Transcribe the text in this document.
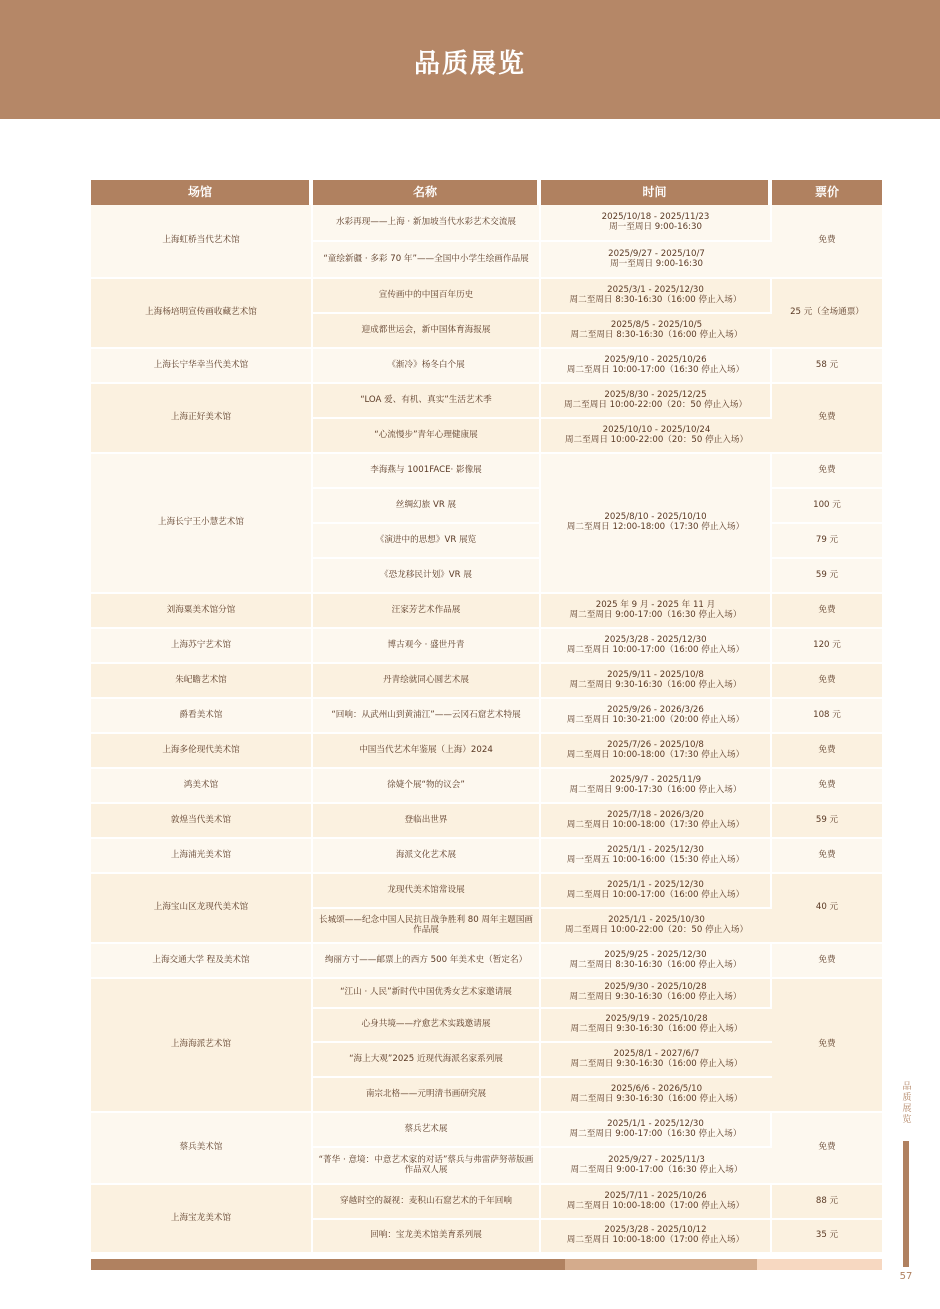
品质展览
场馆	名称	时间	票价
上海虹桥当代艺术馆	水彩再现——上海 · 新加坡当代水彩艺术交流展	2025/10/18 - 2025/11/23
周一至周日 9:00-16:30	免费
	“童绘新疆 · 多彩 70 年”——全国中小学生绘画作品展	2025/9/27 - 2025/10/7
周一至周日 9:00-16:30	

上海杨培明宣传画收藏艺术馆	宣传画中的中国百年历史	2025/3/1 - 2025/12/30
周二至周日 8:30-16:30（16:00 停止入场）	25 元（全场通票）
	迎成都世运会，新中国体育海报展	2025/8/5 - 2025/10/5
周二至周日 8:30-16:30（16:00 停止入场）	

上海长宁华幸当代美术馆	《渐冷》杨冬白个展	2025/9/10 - 2025/10/26
周二至周日 10:00-17:00（16:30 停止入场）	58 元
上海正好美术馆	“LOA 爱、有机、真实”生活艺术季	2025/8/30 - 2025/12/25
周二至周日 10:00-22:00（20：50 停止入场）	免费
	“心流慢步”青年心理健康展	2025/10/10 - 2025/10/24
周二至周日 10:00-22:00（20：50 停止入场）	

上海长宁王小慧艺术馆	李海燕与 1001FACE· 影像展	2025/8/10 - 2025/10/10
周二至周日 12:00-18:00（17:30 停止入场）	免费
	丝绸幻旅 VR 展		100 元
	《演进中的思想》VR 展览		79 元
	《恐龙移民计划》VR 展		59 元
刘海粟美术馆分馆	汪家芳艺术作品展	2025 年 9 月 - 2025 年 11 月
周二至周日 9:00-17:00（16:30 停止入场）	免费
上海苏宁艺术馆	博古观今 · 盛世丹青	2025/3/28 - 2025/12/30
周二至周日 10:00-17:00（16:00 停止入场）	120 元
朱屺瞻艺术馆	丹青绘就同心圆艺术展	2025/9/11 - 2025/10/8
周二至周日 9:30-16:30（16:00 停止入场）	免费
爵看美术馆	“回响：从武州山到黄浦江”——云冈石窟艺术特展	2025/9/26 - 2026/3/26
周二至周日 10:30-21:00（20:00 停止入场）	108 元
上海多伦现代美术馆	中国当代艺术年鉴展（上海）2024	2025/7/26 - 2025/10/8
周二至周日 10:00-18:00（17:30 停止入场）	免费
鸿美术馆	徐婕个展“物的议会”	2025/9/7 - 2025/11/9
周二至周日 9:00-17:30（16:00 停止入场）	免费
敦煌当代美术馆	登临出世界	2025/7/18 - 2026/3/20
周二至周日 10:00-18:00（17:30 停止入场）	59 元
上海浦光美术馆	海派文化艺术展	2025/1/1 - 2025/12/30
周一至周五 10:00-16:00（15:30 停止入场）	免费
上海宝山区龙现代美术馆	龙现代美术馆常设展	2025/1/1 - 2025/12/30
周二至周日 10:00-17:00（16:00 停止入场）	40 元
	长城颂——纪念中国人民抗日战争胜利 80 周年主题国画作品展	2025/1/1 - 2025/10/30
周二至周日 10:00-22:00（20：50 停止入场）	

上海交通大学 程及美术馆	绚丽方寸——邮票上的西方 500 年美术史（暂定名）	2025/9/25 - 2025/12/30
周二至周日 8:30-16:30（16:00 停止入场）	免费
上海海派艺术馆	“江山 · 人民”新时代中国优秀女艺术家邀请展	2025/9/30 - 2025/10/28
周二至周日 9:30-16:30（16:00 停止入场）	免费
	心身共境——疗愈艺术实践邀请展	2025/9/19 - 2025/10/28
周二至周日 9:30-16:30（16:00 停止入场）	

	“海上大观”2025 近现代海派名家系列展	2025/8/1 - 2027/6/7
周二至周日 9:30-16:30（16:00 停止入场）	

	南宗北格——元明清书画研究展	2025/6/6 - 2026/5/10
周二至周日 9:30-16:30（16:00 停止入场）	

蔡兵美术馆	蔡兵艺术展	2025/1/1 - 2025/12/30
周二至周日 9:00-17:00（16:30 停止入场）	免费
	“菁华 · 意境：中意艺术家的对话”蔡兵与弗雷萨努蒂版画作品双人展	2025/9/27 - 2025/11/3
周二至周日 9:00-17:00（16:30 停止入场）	

上海宝龙美术馆	穿越时空的凝视：麦积山石窟艺术的千年回响	2025/7/11 - 2025/10/26
周二至周日 10:00-18:00（17:00 停止入场）	88 元
	回响：宝龙美术馆美育系列展	2025/3/28 - 2025/10/12
周二至周日 10:00-18:00（17:00 停止入场）	35 元
品
质
展
览
57
